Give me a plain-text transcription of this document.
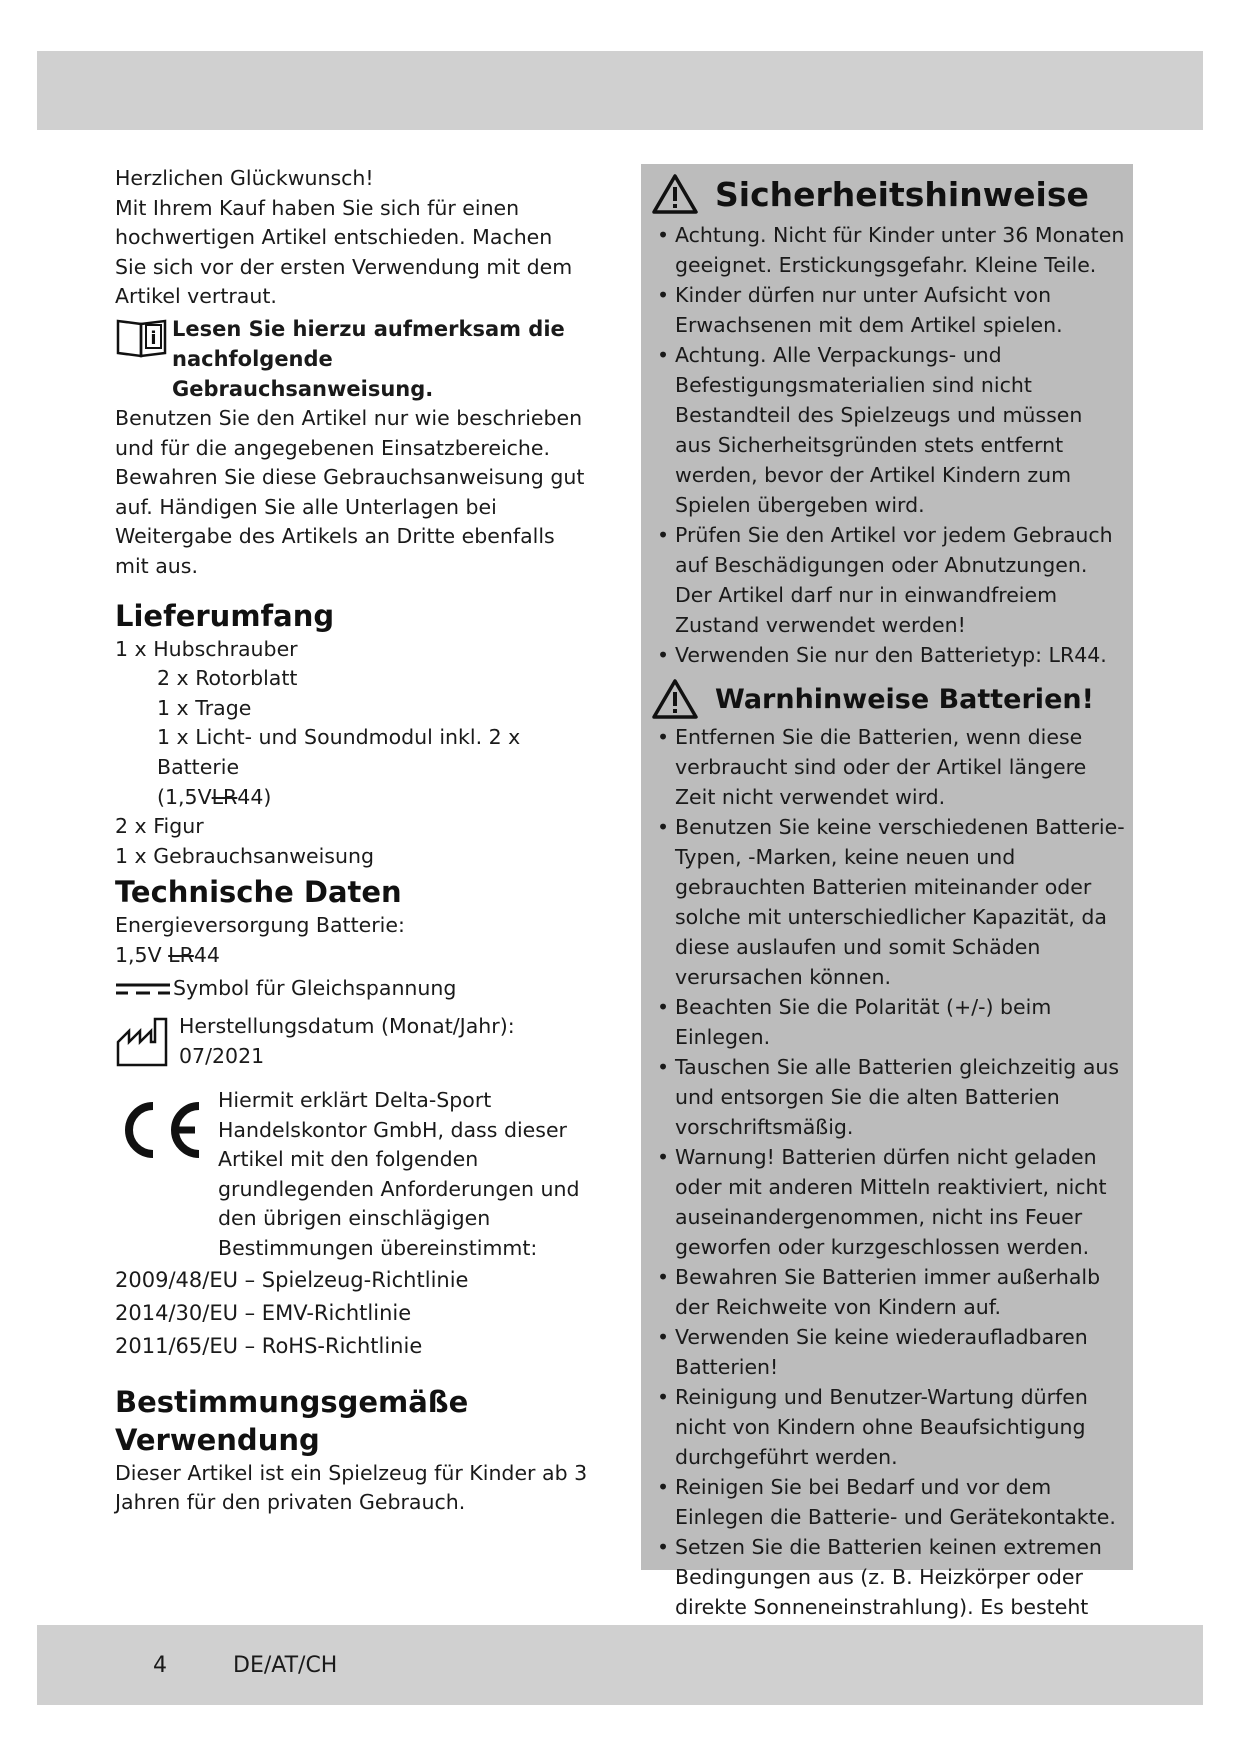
Herzlichen Glückwunsch!

Mit Ihrem Kauf haben Sie sich für einen hochwertigen Artikel entschieden. Machen Sie sich vor der ersten Verwendung mit dem Artikel vertraut.

i Lesen Sie hierzu aufmerksam die nachfolgende Gebrauchsanweisung.

Benutzen Sie den Artikel nur wie beschrieben und für die angegebenen Einsatzbereiche. Bewahren Sie diese Gebrauchsanweisung gut auf. Händigen Sie alle Unterlagen bei Weitergabe des Artikels an Dritte ebenfalls mit aus.

Lieferumfang

1 x Hubschrauber

2 x Rotorblatt

1 x Trage

1 x Licht- und Soundmodul inkl. 2 x Batterie

(1,5VLR44)

2 x Figur

1 x Gebrauchsanweisung

Technische Daten

Energieversorgung Batterie:

1,5V LR44

Symbol für Gleichspannung

Herstellungsdatum (Monat/Jahr):

07/2021

Hiermit erklärt Delta-Sport Handelskontor GmbH, dass dieser Artikel mit den folgenden grundlegenden Anforderungen und den übrigen einschlägigen Bestimmungen übereinstimmt:

2009/48/EU – Spielzeug-Richtlinie

2014/30/EU – EMV-Richtlinie

2011/65/EU – RoHS-Richtlinie

Bestimmungsgemäße
Verwendung

Dieser Artikel ist ein Spielzeug für Kinder ab 3 Jahren für den privaten Gebrauch.

Sicherheitshinweise
• Achtung. Nicht für Kinder unter 36 Monaten geeignet. Erstickungsgefahr. Kleine Teile.
• Kinder dürfen nur unter Aufsicht von Erwachsenen mit dem Artikel spielen.
• Achtung. Alle Verpackungs- und Befestigungsmaterialien sind nicht Bestandteil des Spielzeugs und müssen aus Sicherheitsgründen stets entfernt werden, bevor der Artikel Kindern zum Spielen übergeben wird.
• Prüfen Sie den Artikel vor jedem Gebrauch auf Beschädigungen oder Abnutzungen. Der Artikel darf nur in einwandfreiem Zustand verwendet werden!
• Verwenden Sie nur den Batterietyp: LR44.
Warnhinweise Batterien!
• Entfernen Sie die Batterien, wenn diese verbraucht sind oder der Artikel längere Zeit nicht verwendet wird.
• Benutzen Sie keine verschiedenen Batterie-Typen, -Marken, keine neuen und gebrauchten Batterien miteinander oder solche mit unterschiedlicher Kapazität, da diese auslaufen und somit Schäden verursachen können.
• Beachten Sie die Polarität (+/-) beim Einlegen.
• Tauschen Sie alle Batterien gleichzeitig aus und entsorgen Sie die alten Batterien vorschriftsmäßig.
• Warnung! Batterien dürfen nicht geladen oder mit anderen Mitteln reaktiviert, nicht auseinandergenommen, nicht ins Feuer geworfen oder kurzgeschlossen werden.
• Bewahren Sie Batterien immer außerhalb der Reichweite von Kindern auf.
• Verwenden Sie keine wiederaufladbaren Batterien!
• Reinigung und Benutzer-Wartung dürfen nicht von Kindern ohne Beaufsichtigung durchgeführt werden.
• Reinigen Sie bei Bedarf und vor dem Einlegen die Batterie- und Gerätekontakte.
• Setzen Sie die Batterien keinen extremen Bedingungen aus (z. B. Heizkörper oder direkte Sonneneinstrahlung). Es besteht
4	DE/AT/CH
